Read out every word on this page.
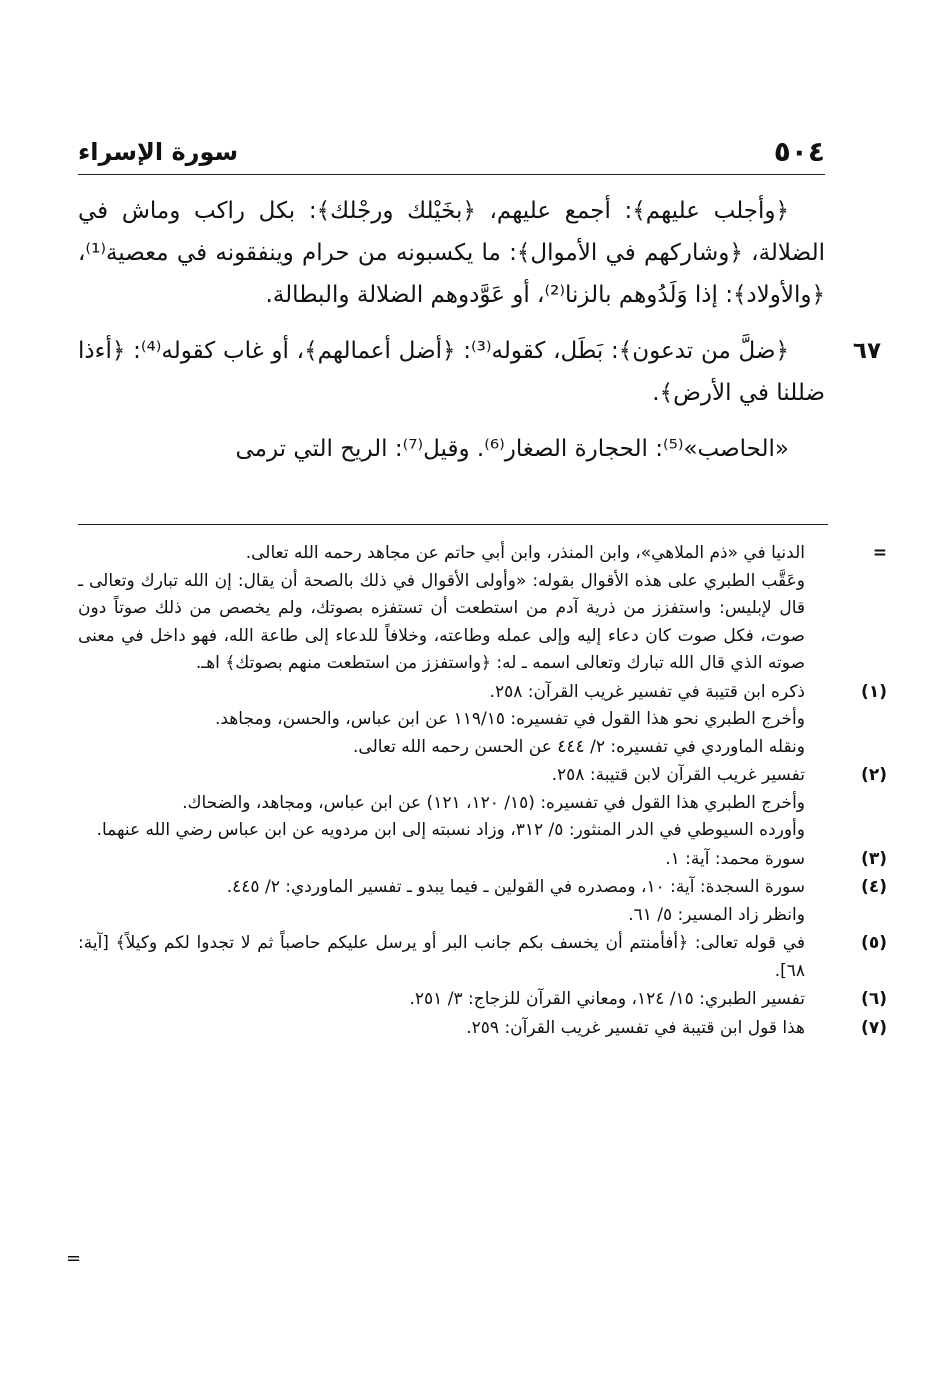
٥٠٤
سورة الإسراء

﴿وأجلب عليهم﴾: أجمع عليهم، ﴿بخَيْلك ورجْلك﴾: بكل راكب وماش في الضلالة، ﴿وشاركهم في الأموال﴾: ما يكسبونه من حرام وينفقونه في معصية⁽¹⁾، ﴿والأولاد﴾: إذا وَلَدُوهم بالزنا⁽²⁾، أو عَوَّدوهم الضلالة والبطالة.

٦٧
﴿ضلَّ من تدعون﴾: بَطَل، كقوله⁽³⁾: ﴿أضل أعمالهم﴾، أو غاب كقوله⁽⁴⁾: ﴿أءذا ضللنا في الأرض﴾.

«الحاصب»⁽⁵⁾: الحجارة الصغار⁽⁶⁾. وقيل⁽⁷⁾: الريح التي ترمى

=
الدنيا في «ذم الملاهي»، وابن المنذر، وابن أبي حاتم عن مجاهد رحمه الله تعالى.
وعَقَّب الطبري على هذه الأقوال بقوله: «وأولى الأقوال في ذلك بالصحة أن يقال: إن الله تبارك وتعالى ـ قال لإبليس: واستفزز من ذرية آدم من استطعت أن تستفزه بصوتك، ولم يخصص من ذلك صوتاً دون صوت، فكل صوت كان دعاء إليه وإلى عمله وطاعته، وخلافاً للدعاء إلى طاعة الله، فهو داخل في معنى صوته الذي قال الله تبارك وتعالى اسمه ـ له: ﴿واستفزز من استطعت منهم بصوتك﴾ اهـ.
(١)
ذكره ابن قتيبة في تفسير غريب القرآن: ٢٥٨.
وأخرج الطبري نحو هذا القول في تفسيره: ١١٩/١٥ عن ابن عباس، والحسن، ومجاهد.
ونقله الماوردي في تفسيره: ٢/ ٤٤٤ عن الحسن رحمه الله تعالى.
(٢)
تفسير غريب القرآن لابن قتيبة: ٢٥٨.
وأخرج الطبري هذا القول في تفسيره: (١٥/ ١٢٠، ١٢١) عن ابن عباس، ومجاهد، والضحاك.
وأورده السيوطي في الدر المنثور: ٥/ ٣١٢، وزاد نسبته إلى ابن مردويه عن ابن عباس رضي الله عنهما.
(٣)
سورة محمد: آية: ١.
(٤)
سورة السجدة: آية: ١٠، ومصدره في القولين ـ فيما يبدو ـ تفسير الماوردي: ٢/ ٤٤٥.
وانظر زاد المسير: ٥/ ٦١.
(٥)
في قوله تعالى: ﴿أفأمنتم أن يخسف بكم جانب البر أو يرسل عليكم حاصباً ثم لا تجدوا لكم وكيلاً﴾ [آية: ٦٨].
(٦)
تفسير الطبري: ١٥/ ١٢٤، ومعاني القرآن للزجاج: ٣/ ٢٥١.
(٧)
هذا قول ابن قتيبة في تفسير غريب القرآن: ٢٥٩.
=
